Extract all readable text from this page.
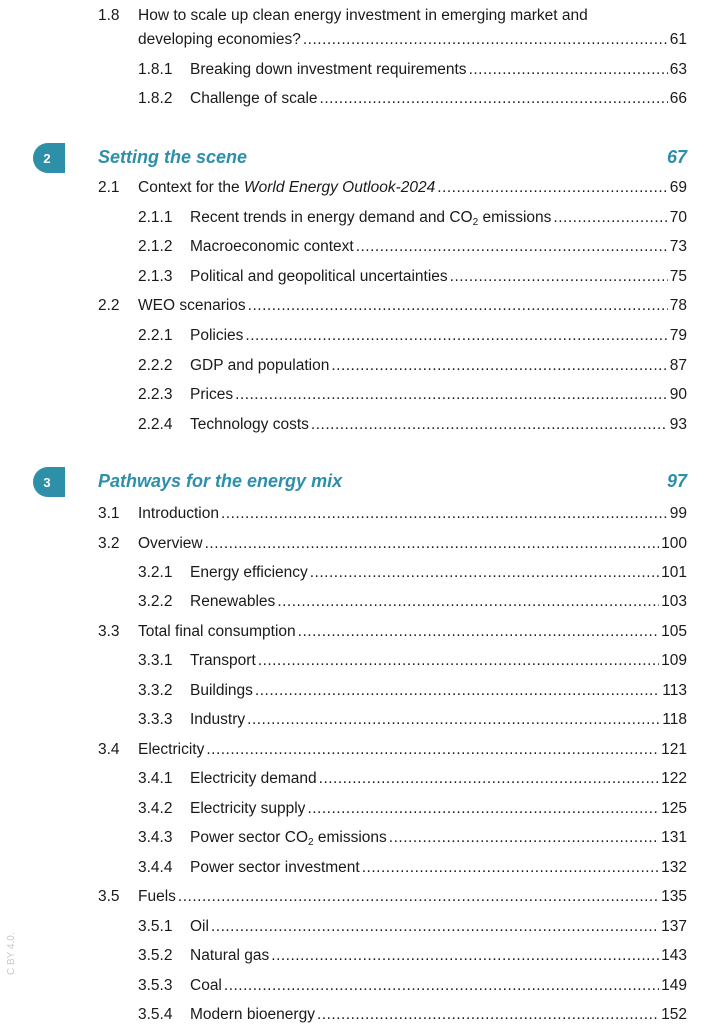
1.8 How to scale up clean energy investment in emerging market and
developing economies? .....	61
1.8.1	Breaking down investment requirements .....	63
1.8.2	Challenge of scale .....	66
2	Setting the scene	67
2.1	Context for the World Energy Outlook-2024 .....	69
2.1.1	Recent trends in energy demand and $CO_2$ emissions .....	70
2.1.2	Macroeconomic context .....	73
2.1.3	Political and geopolitical uncertainties .....	75
2.2	WEO scenarios .....	78
2.2.1	Policies .....	79
2.2.2	GDP and population .....	87
2.2.3	Prices .....	90
2.2.4	Technology costs .....	93
3	Pathways for the energy mix	97
3.1	Introduction .....	99
3.2	Overview .....	100
3.2.1	Energy efficiency .....	101
3.2.2	Renewables .....	103
3.3	Total final consumption .....	105
3.3.1	Transport .....	109
3.3.2	Buildings .....	113
3.3.3	Industry .....	118
3.4	Electricity .....	121
3.4.1	Electricity demand .....	122
3.4.2	Electricity supply .....	125
3.4.3	Power sector $CO_2$ emissions .....	131
3.4.4	Power sector investment .....	132
3.5	Fuels .....	135
3.5.1	Oil .....	137
3.5.2	Natural gas .....	143
3.5.3	Coal .....	149
3.5.4	Modern bioenergy .....	152
C BY 4.0.
